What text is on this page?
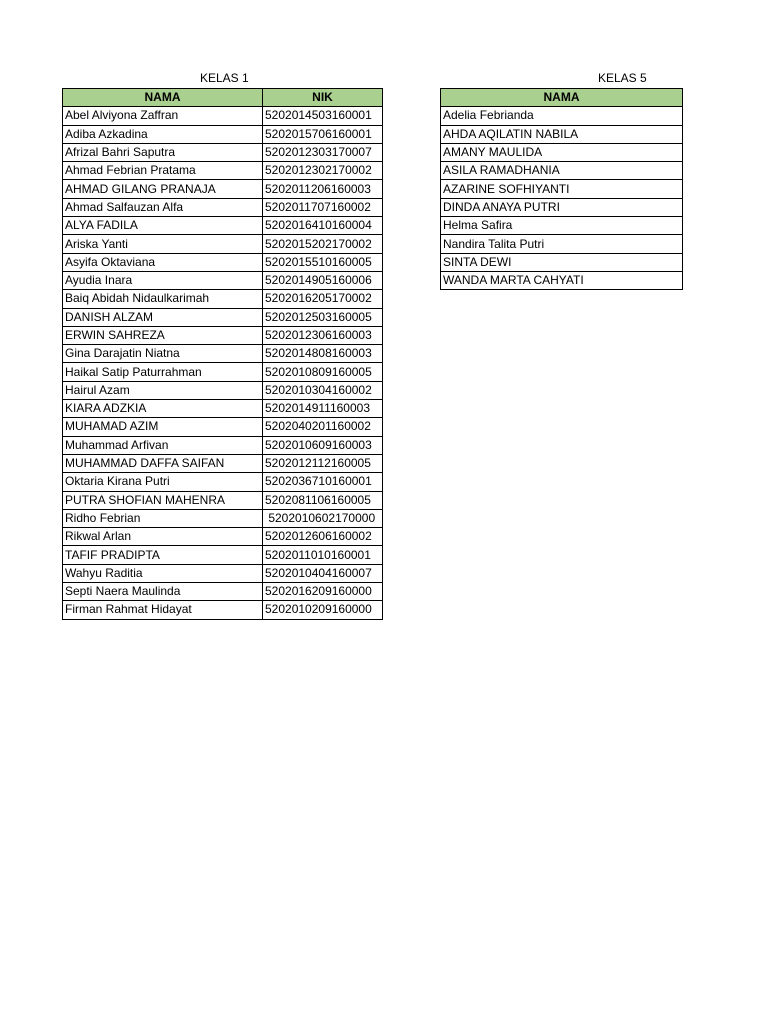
KELAS 1	KELAS 5
NAMA	NIK
Abel Alviyona Zaffran	5202014503160001
Adiba Azkadina	5202015706160001
Afrizal Bahri Saputra	5202012303170007
Ahmad Febrian Pratama	5202012302170002
AHMAD GILANG PRANAJA	5202011206160003
Ahmad Salfauzan Alfa	5202011707160002
ALYA FADILA	5202016410160004
Ariska Yanti	5202015202170002
Asyifa Oktaviana	5202015510160005
Ayudia Inara	5202014905160006
Baiq Abidah Nidaulkarimah	5202016205170002
DANISH ALZAM	5202012503160005
ERWIN SAHREZA	5202012306160003
Gina Darajatin Niatna	5202014808160003
Haikal Satip Paturrahman	5202010809160005
Hairul Azam	5202010304160002
KIARA ADZKIA	5202014911160003
MUHAMAD AZIM	5202040201160002
Muhammad Arfivan	5202010609160003
MUHAMMAD DAFFA SAIFAN	5202012112160005
Oktaria Kirana Putri	5202036710160001
PUTRA SHOFIAN MAHENRA	5202081106160005
Ridho Febrian	5202010602170000
Rikwal Arlan	5202012606160002
TAFIF PRADIPTA	5202011010160001
Wahyu Raditia	5202010404160007
Septi Naera Maulinda	5202016209160000
Firman Rahmat Hidayat	5202010209160000
NAMA
Adelia Febrianda
AHDA AQILATIN NABILA
AMANY MAULIDA
ASILA RAMADHANIA
AZARINE SOFHIYANTI
DINDA ANAYA PUTRI
Helma Safira
Nandira Talita Putri
SINTA DEWI
WANDA MARTA CAHYATI
